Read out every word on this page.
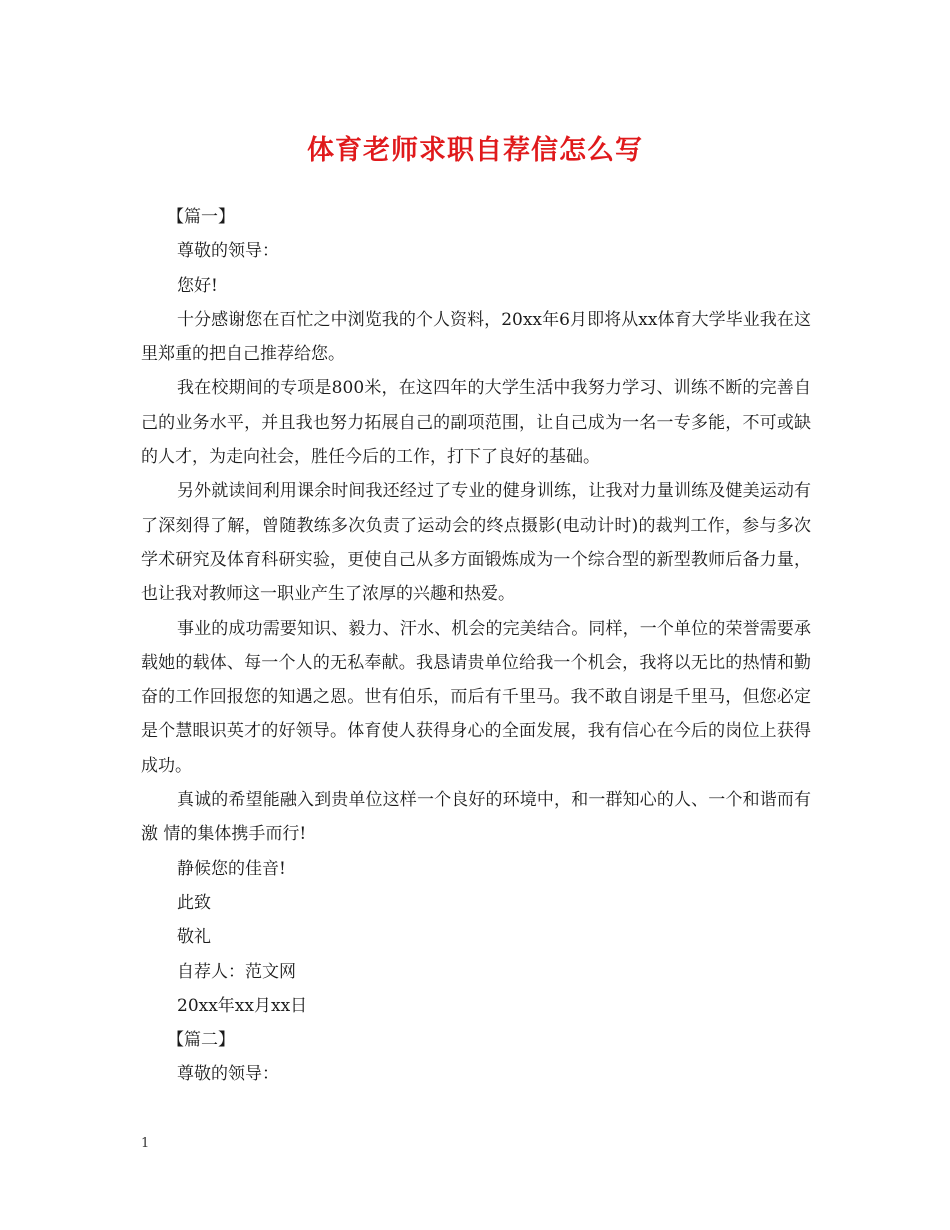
体育老师求职自荐信怎么写

【篇一】

尊敬的领导：

您好!

十分感谢您在百忙之中浏览我的个人资料，20xx年6月即将从xx体育大学毕业我在这里郑重的把自己推荐给您。

我在校期间的专项是800米，在这四年的大学生活中我努力学习、训练不断的完善自己的业务水平，并且我也努力拓展自己的副项范围，让自己成为一名一专多能，不可或缺的人才，为走向社会，胜任今后的工作，打下了良好的基础。

另外就读间利用课余时间我还经过了专业的健身训练，让我对力量训练及健美运动有了深刻得了解，曾随教练多次负责了运动会的终点摄影(电动计时)的裁判工作，参与多次学术研究及体育科研实验，更使自己从多方面锻炼成为一个综合型的新型教师后备力量，也让我对教师这一职业产生了浓厚的兴趣和热爱。

事业的成功需要知识、毅力、汗水、机会的完美结合。同样，一个单位的荣誉需要承载她的载体、每一个人的无私奉献。我恳请贵单位给我一个机会，我将以无比的热情和勤奋的工作回报您的知遇之恩。世有伯乐，而后有千里马。我不敢自诩是千里马，但您必定是个慧眼识英才的好领导。体育使人获得身心的全面发展，我有信心在今后的岗位上获得成功。

真诚的希望能融入到贵单位这样一个良好的环境中，和一群知心的人、一个和谐而有激 情的集体携手而行!

静候您的佳音!

此致

敬礼

自荐人：范文网

20xx年xx月xx日

【篇二】

尊敬的领导：

1
